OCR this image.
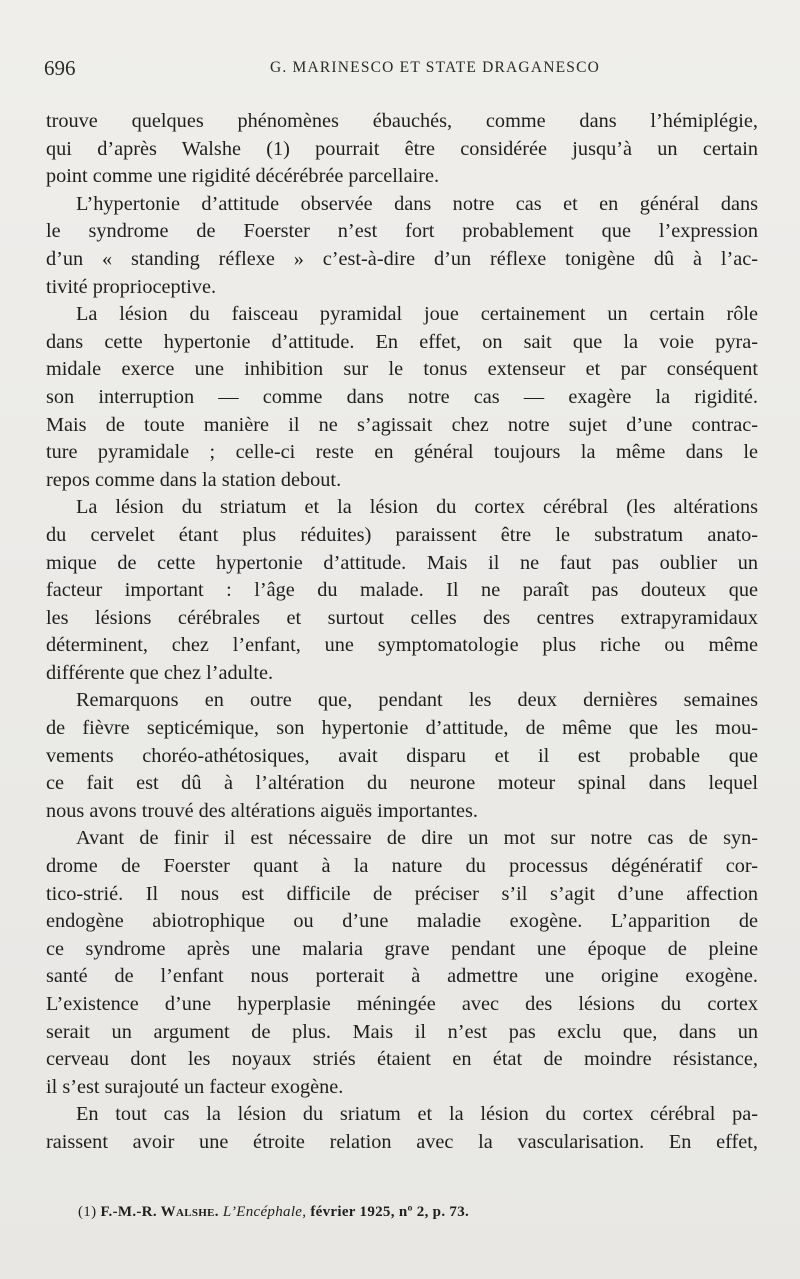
696	G. MARINESCO ET STATE DRAGANESCO
trouve quelques phénomènes ébauchés, comme dans l’hémiplégie,
qui d’après Walshe (1) pourrait être considérée jusqu’à un certain
point comme une rigidité décérébrée parcellaire.
L’hypertonie d’attitude observée dans notre cas et en général dans
le syndrome de Foerster n’est fort probablement que l’expression
d’un « standing réflexe » c’est-à-dire d’un réflexe tonigène dû à l’ac-
tivité proprioceptive.
La lésion du faisceau pyramidal joue certainement un certain rôle
dans cette hypertonie d’attitude. En effet, on sait que la voie pyra-
midale exerce une inhibition sur le tonus extenseur et par conséquent
son interruption — comme dans notre cas — exagère la rigidité.
Mais de toute manière il ne s’agissait chez notre sujet d’une contrac-
ture pyramidale ; celle-ci reste en général toujours la même dans le
repos comme dans la station debout.
La lésion du striatum et la lésion du cortex cérébral (les altérations
du cervelet étant plus réduites) paraissent être le substratum anato-
mique de cette hypertonie d’attitude. Mais il ne faut pas oublier un
facteur important : l’âge du malade. Il ne paraît pas douteux que
les lésions cérébrales et surtout celles des centres extrapyramidaux
déterminent, chez l’enfant, une symptomatologie plus riche ou même
différente que chez l’adulte.
Remarquons en outre que, pendant les deux dernières semaines
de fièvre septicémique, son hypertonie d’attitude, de même que les mou-
vements choréo-athétosiques, avait disparu et il est probable que
ce fait est dû à l’altération du neurone moteur spinal dans lequel
nous avons trouvé des altérations aiguës importantes.
Avant de finir il est nécessaire de dire un mot sur notre cas de syn-
drome de Foerster quant à la nature du processus dégénératif cor-
tico-strié. Il nous est difficile de préciser s’il s’agit d’une affection
endogène abiotrophique ou d’une maladie exogène. L’apparition de
ce syndrome après une malaria grave pendant une époque de pleine
santé de l’enfant nous porterait à admettre une origine exogène.
L’existence d’une hyperplasie méningée avec des lésions du cortex
serait un argument de plus. Mais il n’est pas exclu que, dans un
cerveau dont les noyaux striés étaient en état de moindre résistance,
il s’est surajouté un facteur exogène.
En tout cas la lésion du sriatum et la lésion du cortex cérébral pa-
raissent avoir une étroite relation avec la vascularisation. En effet,
(1) F.-M.-R. Walshe. L’Encéphale, février 1925, nº 2, p. 73.
